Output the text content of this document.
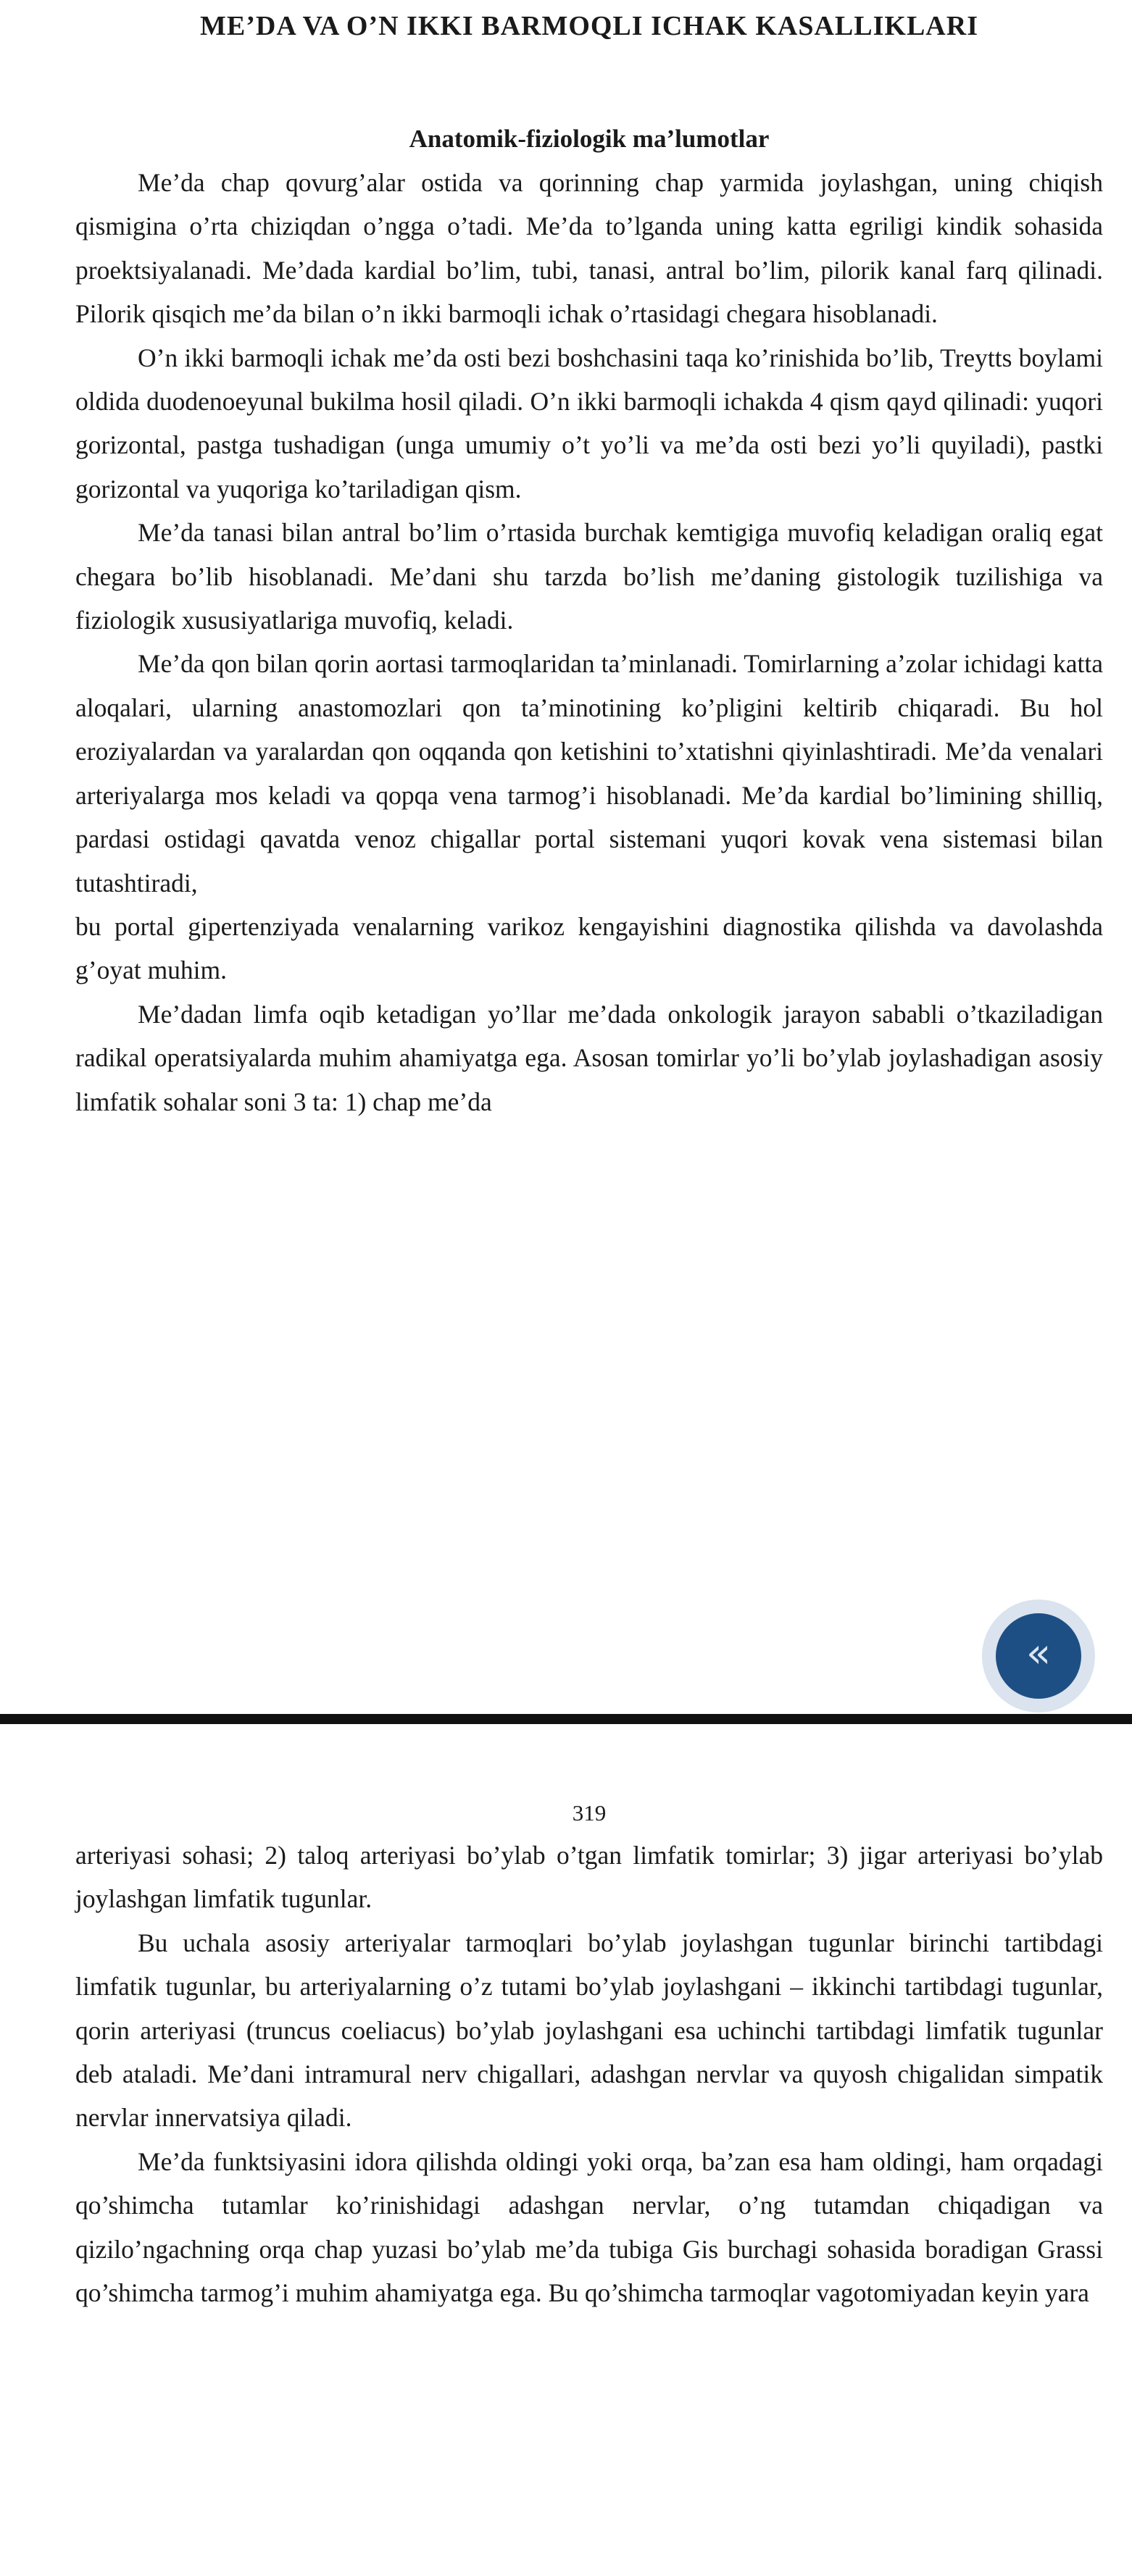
ME’DA VA O’N IKKI BARMOQLI ICHAK KASALLIKLARI
Anatomik-fiziologik ma’lumotlar

Me’da chap qovurg’alar ostida va qorinning chap yarmida joylashgan, uning chiqish qismigina o’rta chiziqdan o’ngga o’tadi. Me’da to’lganda uning katta egriligi kindik sohasida proektsiyalanadi. Me’dada kardial bo’lim, tubi, tanasi, antral bo’lim, pilorik kanal farq qilinadi. Pilorik qisqich me’da bilan o’n ikki barmoqli ichak o’rtasidagi chegara hisoblanadi.

O’n ikki barmoqli ichak me’da osti bezi boshchasini taqa ko’rinishida bo’lib, Treytts boylami oldida duodenoeyunal bukilma hosil qiladi. O’n ikki barmoqli ichakda 4 qism qayd qilinadi: yuqori gorizontal, pastga tushadigan (unga umumiy o’t yo’li va me’da osti bezi yo’li quyiladi), pastki gorizontal va yuqoriga ko’tariladigan qism.

Me’da tanasi bilan antral bo’lim o’rtasida burchak kemtigiga muvofiq keladigan oraliq egat chegara bo’lib hisoblanadi. Me’dani shu tarzda bo’lish me’daning gistologik tuzilishiga va fiziologik xususiyatlariga muvofiq, keladi.

Me’da qon bilan qorin aortasi tarmoqlaridan ta’minlanadi. Tomirlarning a’zolar ichidagi katta aloqalari, ularning anastomozlari qon ta’minotining ko’pligini keltirib chiqaradi. Bu hol eroziyalardan va yaralardan qon oqqanda qon ketishini to’xtatishni qiyinlashtiradi. Me’da venalari arteriyalarga mos keladi va qopqa vena tarmog’i hisoblanadi. Me’da kardial bo’limining shilliq, pardasi ostidagi qavatda venoz chigallar portal sistemani yuqori kovak vena sistemasi bilan tutashtiradi,

bu portal gipertenziyada venalarning varikoz kengayishini diagnostika qilishda va davolashda g’oyat muhim.

Me’dadan limfa oqib ketadigan yo’llar me’dada onkologik jarayon sababli o’tkaziladigan radikal operatsiyalarda muhim ahamiyatga ega. Asosan tomirlar yo’li bo’ylab joylashadigan asosiy limfatik sohalar soni 3 ta: 1) chap me’da

«

319

arteriyasi sohasi; 2) taloq arteriyasi bo’ylab o’tgan limfatik tomirlar; 3) jigar arteriyasi bo’ylab joylashgan limfatik tugunlar.

Bu uchala asosiy arteriyalar tarmoqlari bo’ylab joylashgan tugunlar birinchi tartibdagi limfatik tugunlar, bu arteriyalarning o’z tutami bo’ylab joylashgani – ikkinchi tartibdagi tugunlar, qorin arteriyasi (truncus coeliacus) bo’ylab joylashgani esa uchinchi tartibdagi limfatik tugunlar deb ataladi. Me’dani intramural nerv chigallari, adashgan nervlar va quyosh chigalidan simpatik nervlar innervatsiya qiladi.

Me’da funktsiyasini idora qilishda oldingi yoki orqa, ba’zan esa ham oldingi, ham orqadagi qo’shimcha tutamlar ko’rinishidagi adashgan nervlar, o’ng tutamdan chiqadigan va qizilo’ngachning orqa chap yuzasi bo’ylab me’da tubiga Gis burchagi sohasida boradigan Grassi qo’shimcha tarmog’i muhim ahamiyatga ega. Bu qo’shimcha tarmoqlar vagotomiyadan keyin yara
